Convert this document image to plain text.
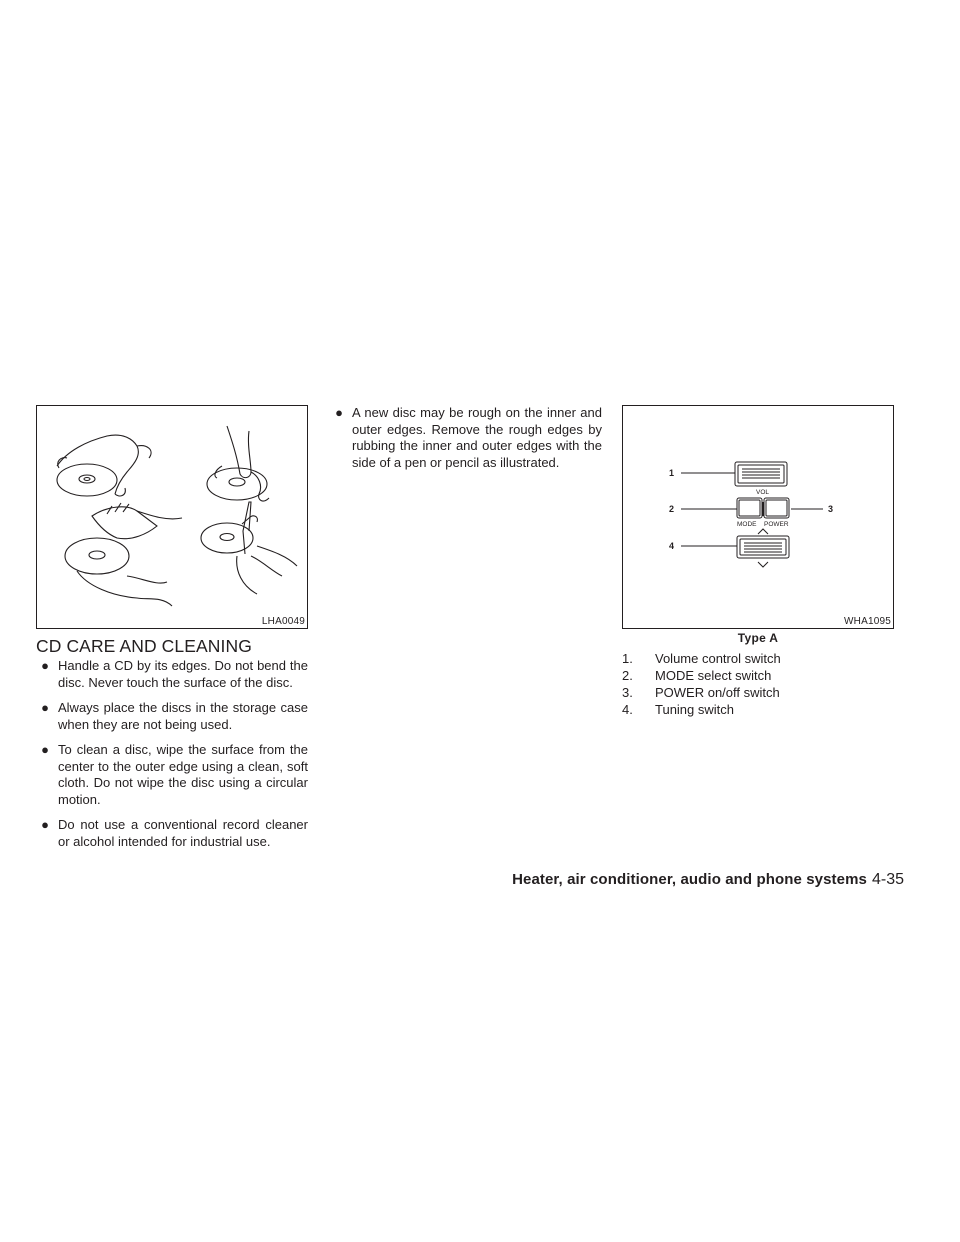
LHA0049
CD CARE AND CLEANING
● Handle a CD by its edges. Do not bend the disc. Never touch the surface of the disc.
● Always place the discs in the storage case when they are not being used.
● To clean a disc, wipe the surface from the center to the outer edge using a clean, soft cloth. Do not wipe the disc using a circular motion.
● Do not use a conventional record cleaner or alcohol intended for industrial use.
● A new disc may be rough on the inner and outer edges. Remove the rough edges by rubbing the inner and outer edges with the side of a pen or pencil as illustrated.
1
2	3
4
VOL
MODE POWER
WHA1095
Type A
1.	Volume control switch
2.	MODE select switch
3.	POWER on/off switch
4.	Tuning switch
Heater, air conditioner, audio and phone systems 4-35
